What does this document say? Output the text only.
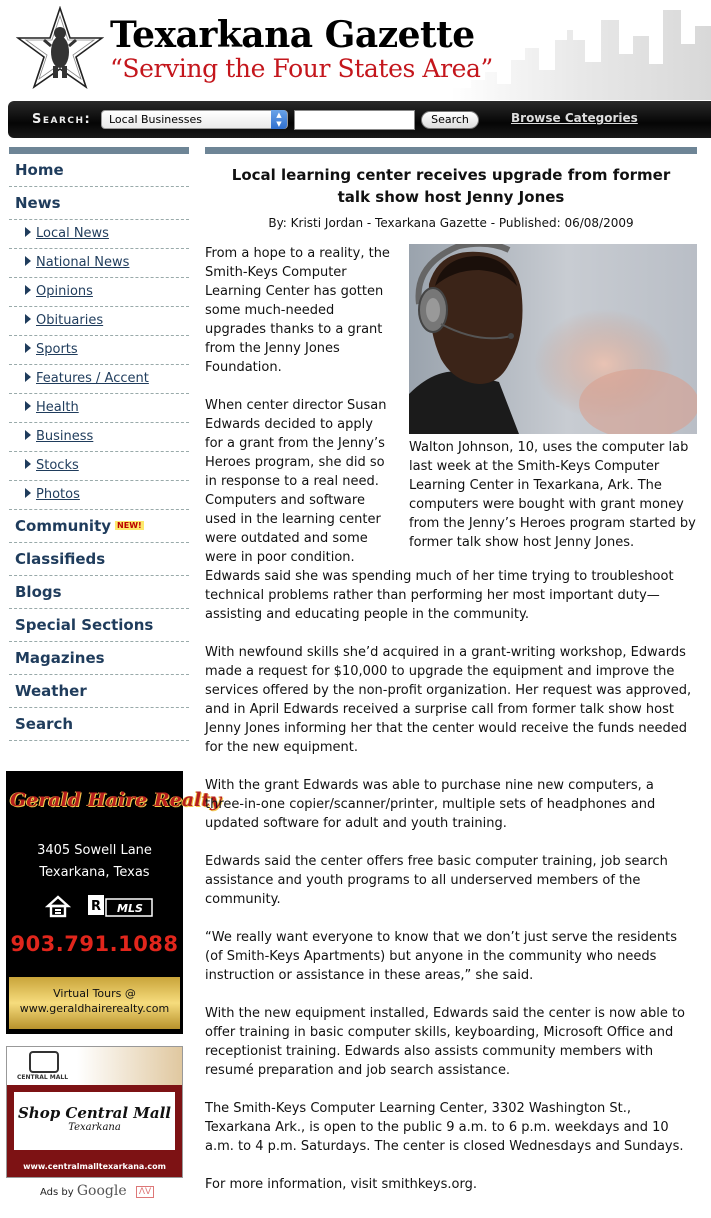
Texarkana Gazette
“Serving the Four States Area”
Search:	Local Businesses	▲
▼	Search	Browse Categories
Home
News
Local News
National News
Opinions
Obituaries
Sports
Features / Accent
Health
Business
Stocks
Photos
Community NEW!
Classifieds
Blogs
Special Sections
Magazines
Weather
Search
Gerald Haire Realty
3405 Sowell Lane
Texarkana, Texas
R MLS
903.791.1088
Virtual Tours @
www.geraldhairerealty.com
CENTRAL MALL
Shop Central Mall
Texarkana
www.centralmalltexarkana.com
Ads by Google ΛV
Local learning center receives upgrade from former talk show host Jenny Jones
By: Kristi Jordan - Texarkana Gazette - Published: 06/08/2009
Walton Johnson, 10, uses the computer lab last week at the Smith-Keys Computer Learning Center in Texarkana, Ark. The computers were bought with grant money from the Jenny’s Heroes program started by former talk show host Jenny Jones.

From a hope to a reality, the Smith-Keys Computer Learning Center has gotten some much-needed upgrades thanks to a grant from the Jenny Jones Foundation.

When center director Susan Edwards decided to apply for a grant from the Jenny’s Heroes program, she did so in response to a real need. Computers and software used in the learning center were outdated and some were in poor condition. Edwards said she was spending much of her time trying to troubleshoot technical problems rather than performing her most important duty—assisting and educating people in the community.

With newfound skills she’d acquired in a grant-writing workshop, Edwards made a request for $10,000 to upgrade the equipment and improve the services offered by the non-profit organization. Her request was approved, and in April Edwards received a surprise call from former talk show host Jenny Jones informing her that the center would receive the funds needed for the new equipment.

With the grant Edwards was able to purchase nine new computers, a three-in-one copier/scanner/printer, multiple sets of headphones and updated software for adult and youth training.

Edwards said the center offers free basic computer training, job search assistance and youth programs to all underserved members of the community.

“We really want everyone to know that we don’t just serve the residents (of Smith-Keys Apartments) but anyone in the community who needs instruction or assistance in these areas,” she said.

With the new equipment installed, Edwards said the center is now able to offer training in basic computer skills, keyboarding, Microsoft Office and receptionist training. Edwards also assists community members with resumé preparation and job search assistance.

The Smith-Keys Computer Learning Center, 3302 Washington St., Texarkana Ark., is open to the public 9 a.m. to 6 p.m. weekdays and 10 a.m. to 4 p.m. Saturdays. The center is closed Wednesdays and Sundays.

For more information, visit smithkeys.org.
